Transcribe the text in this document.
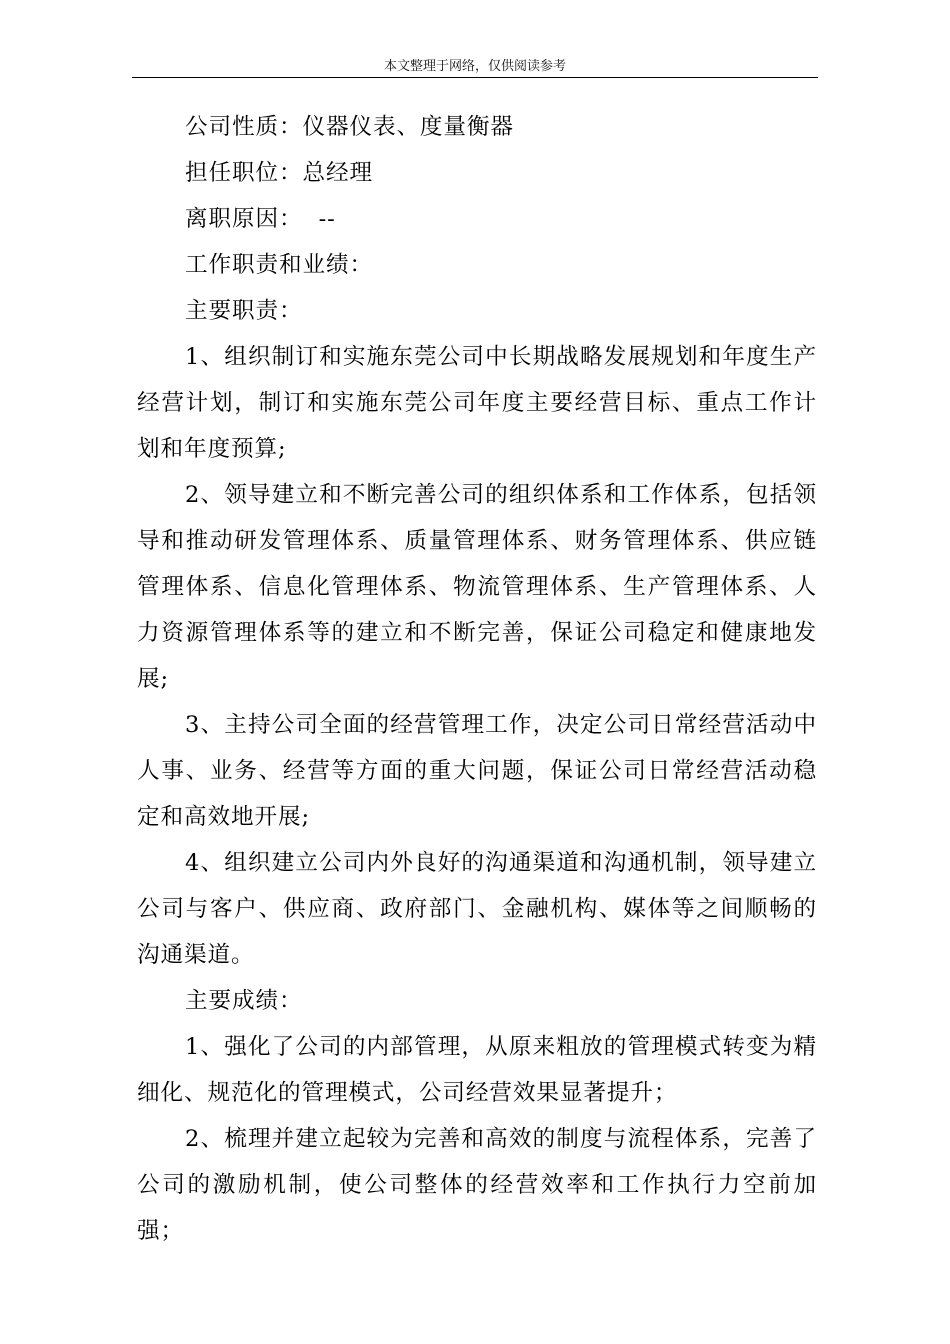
本文整理于网络，仅供阅读参考

公司性质：仪器仪表、度量衡器

担任职位：总经理

离职原因：  --

工作职责和业绩：

主要职责：

1、组织制订和实施东莞公司中长期战略发展规划和年度生产经营计划，制订和实施东莞公司年度主要经营目标、重点工作计划和年度预算;

2、领导建立和不断完善公司的组织体系和工作体系，包括领导和推动研发管理体系、质量管理体系、财务管理体系、供应链管理体系、信息化管理体系、物流管理体系、生产管理体系、人力资源管理体系等的建立和不断完善，保证公司稳定和健康地发展;

3、主持公司全面的经营管理工作，决定公司日常经营活动中人事、业务、经营等方面的重大问题，保证公司日常经营活动稳定和高效地开展;

4、组织建立公司内外良好的沟通渠道和沟通机制，领导建立公司与客户、供应商、政府部门、金融机构、媒体等之间顺畅的沟通渠道。

主要成绩：

1、强化了公司的内部管理，从原来粗放的管理模式转变为精细化、规范化的管理模式，公司经营效果显著提升；

2、梳理并建立起较为完善和高效的制度与流程体系，完善了公司的激励机制，使公司整体的经营效率和工作执行力空前加强；
